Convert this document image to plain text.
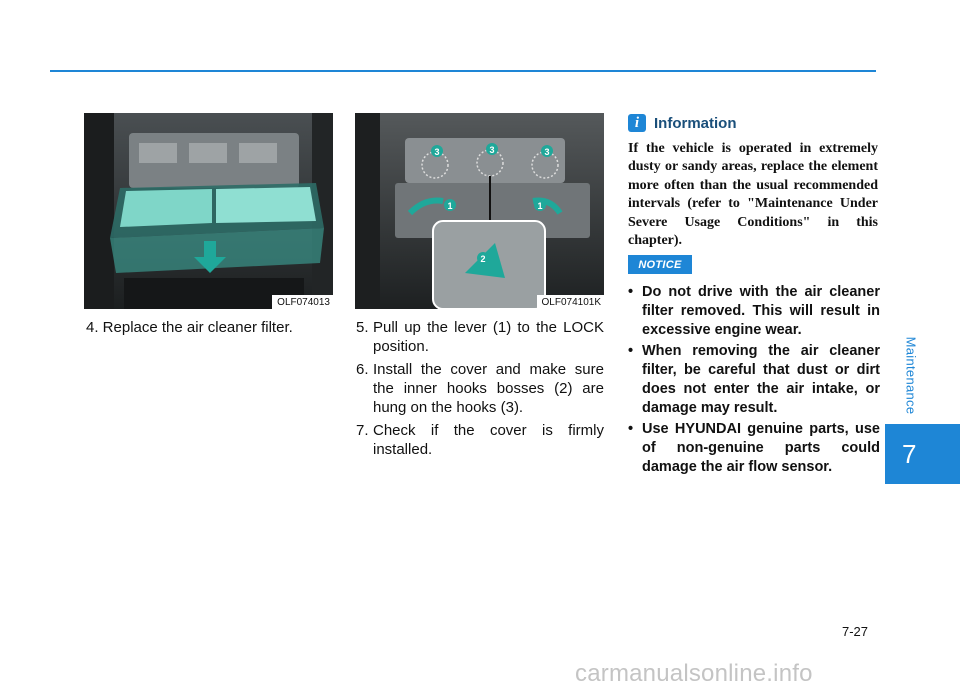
Maintenance
7
OLF074013
3	3	3
1	1
2
OLF074101K
4. Replace the air cleaner filter.	5. Pull up the lever (1) to the LOCK position.
6. Install the cover and make sure the inner hooks bosses (2) are hung on the hooks (3).
7. Check if the cover is firmly installed.
i Information
If the vehicle is operated in extremely dusty or sandy areas, replace the element more often than the usual recommended intervals (refer to "Maintenance Under Severe Usage Conditions" in this chapter).
NOTICE
• Do not drive with the air cleaner filter removed. This will result in excessive engine wear.
• When removing the air cleaner filter, be careful that dust or dirt does not enter the air intake, or damage may result.
• Use HYUNDAI genuine parts, use of non-genuine parts could damage the air flow sensor.
7-27
carmanualsonline.info
